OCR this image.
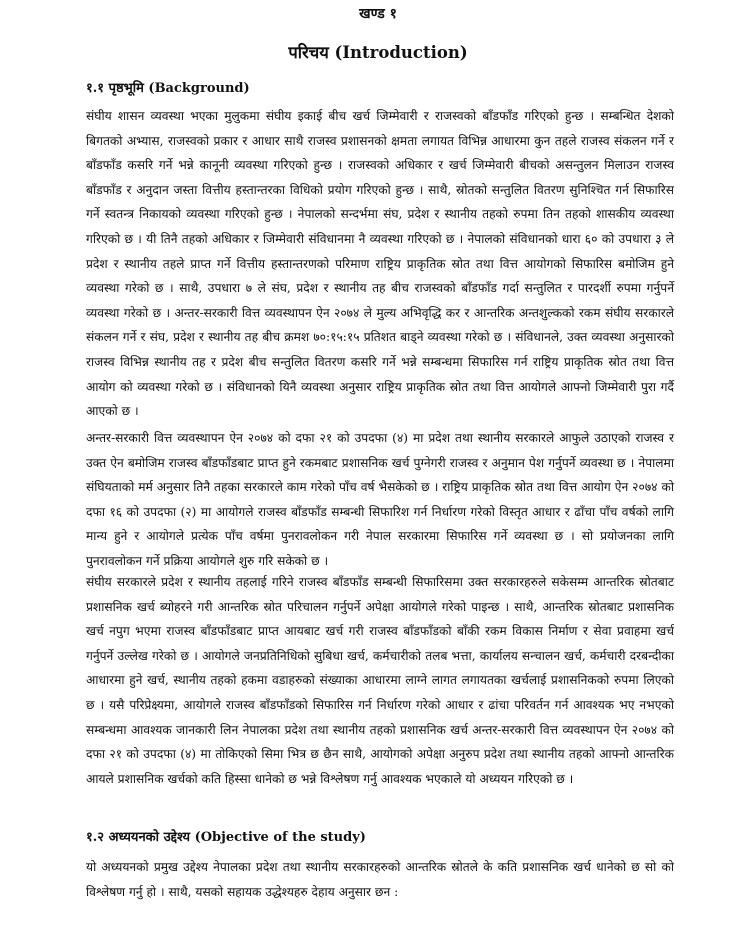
खण्ड १
परिचय (Introduction)
१.१ पृष्ठभूमि (Background)
संघीय शासन व्यवस्था भएका मुलुकमा संघीय इकाई बीच खर्च जिम्मेवारी र राजस्वको बाँडफाँड गरिएको हुन्छ । सम्बन्धित देशको बिगतको अभ्यास, राजस्वको प्रकार र आधार साथै राजस्व प्रशासनको क्षमता लगायत विभिन्न आधारमा कुन तहले राजस्व संकलन गर्ने र बाँडफाँड कसरि गर्ने भन्ने कानूनी व्यवस्था गरिएको हुन्छ । राजस्वको अधिकार र खर्च जिम्मेवारी बीचको असन्तुलन मिलाउन राजस्व बाँडफाँड र अनुदान जस्ता वित्तीय हस्तान्तरका विधिको प्रयोग गरिएको हुन्छ । साथै, स्रोतको सन्तुलित वितरण सुनिश्चित गर्न सिफारिस गर्ने स्वतन्त्र निकायको व्यवस्था गरिएको हुन्छ । नेपालको सन्दर्भमा संघ, प्रदेश र स्थानीय तहको रुपमा तिन तहको शासकीय व्यवस्था गरिएको छ । यी तिनै तहको अधिकार र जिम्मेवारी संविधानमा नै व्यवस्था गरिएको छ । नेपालको संविधानको धारा ६० को उपधारा ३ ले प्रदेश र स्थानीय तहले प्राप्त गर्ने वित्तीय हस्तान्तरणको परिमाण राष्ट्रिय प्राकृतिक स्रोत तथा वित्त आयोगको सिफारिस बमोजिम हुने व्यवस्था गरेको छ । साथै, उपधारा ७ ले संघ, प्रदेश र स्थानीय तह बीच राजस्वको बाँडफाँड गर्दा सन्तुलित र पारदर्शी रुपमा गर्नुपर्ने व्यवस्था गरेको छ । अन्तर-सरकारी वित्त व्यवस्थापन ऐन २०७४ ले मुल्य अभिवृद्धि कर र आन्तरिक अन्तशुल्कको रकम संघीय सरकारले संकलन गर्ने र संघ, प्रदेश र स्थानीय तह बीच क्रमश ७०:१५:१५ प्रतिशत बाड्ने व्यवस्था गरेको छ । संविधानले, उक्त व्यवस्था अनुसारको राजस्व विभिन्न स्थानीय तह र प्रदेश बीच सन्तुलित वितरण कसरि गर्ने भन्ने सम्बन्धमा सिफारिस गर्न राष्ट्रिय प्राकृतिक स्रोत तथा वित्त आयोग को व्यवस्था गरेको छ । संविधानको यिनै व्यवस्था अनुसार राष्ट्रिय प्राकृतिक स्रोत तथा वित्त आयोगले आफ्नो जिम्मेवारी पुरा गर्दै आएको छ ।
अन्तर-सरकारी वित्त व्यवस्थापन ऐन २०७४ को दफा २१ को उपदफा (४) मा प्रदेश तथा स्थानीय सरकारले आफुले उठाएको राजस्व र उक्त ऐन बमोजिम राजस्व बाँडफाँडबाट प्राप्त हुने रकमबाट प्रशासनिक खर्च पुग्नेगरी राजस्व र अनुमान पेश गर्नुपर्ने व्यवस्था छ । नेपालमा संघियताको मर्म अनुसार तिनै तहका सरकारले काम गरेको पाँच वर्ष भैसकेको छ । राष्ट्रिय प्राकृतिक स्रोत तथा वित्त आयोग ऐन २०७४ को दफा १६ को उपदफा (२) मा आयोगले राजस्व बाँडफाँड सम्बन्धी सिफारिश गर्न निर्धारण गरेको विस्तृत आधार र ढाँचा पाँच वर्षको लागि मान्य हुने र आयोगले प्रत्येक पाँच वर्षमा पुनरावलोकन गरी नेपाल सरकारमा सिफारिस गर्ने व्यवस्था छ । सो प्रयोजनका लागि पुनरावलोकन गर्ने प्रक्रिया आयोगले शुरु गरि सकेको छ ।
संघीय सरकारले प्रदेश र स्थानीय तहलाई गरिने राजस्व बाँडफाँड सम्बन्धी सिफारिसमा उक्त सरकारहरुले सकेसम्म आन्तरिक स्रोतबाट प्रशासनिक खर्च ब्योहरने गरी आन्तरिक स्रोत परिचालन गर्नुपर्ने अपेक्षा आयोगले गरेको पाइन्छ । साथै, आन्तरिक स्रोतबाट प्रशासनिक खर्च नपुग भएमा राजस्व बाँडफाँडबाट प्राप्त आयबाट खर्च गरी राजस्व बाँडफाँडको बाँकी रकम विकास निर्माण र सेवा प्रवाहमा खर्च गर्नुपर्ने उल्लेख गरेको छ । आयोगले जनप्रतिनिधिको सुबिधा खर्च, कर्मचारीको तलब भत्ता, कार्यालय सन्चालन खर्च, कर्मचारी दरबन्दीका आधारमा हुने खर्च, स्थानीय तहको हकमा वडाहरुको संख्याका आधारमा लाग्ने लागत लगायतका खर्चलाई प्रशासनिकको रुपमा लिएको छ । यसै परिप्रेक्ष्यमा, आयोगले राजस्व बाँडफाँडको सिफारिस गर्न निर्धारण गरेको आधार र ढांचा परिवर्तन गर्न आवश्यक भए नभएको सम्बन्धमा आवश्यक जानकारी लिन नेपालका प्रदेश तथा स्थानीय तहको प्रशासनिक खर्च अन्तर-सरकारी वित्त व्यवस्थापन ऐन २०७४ को दफा २१ को उपदफा (४) मा तोकिएको सिमा भित्र छ छैन साथै, आयोगको अपेक्षा अनुरुप प्रदेश तथा स्थानीय तहको आफ्नो आन्तरिक आयले प्रशासनिक खर्चको कति हिस्सा धानेको छ भन्ने विश्लेषण गर्नु आवश्यक भएकाले यो अध्ययन गरिएको छ ।
१.२ अध्ययनको उद्देश्य (Objective of the study)
यो अध्ययनको प्रमुख उद्देश्य नेपालका प्रदेश तथा स्थानीय सरकारहरुको आन्तरिक स्रोतले के कति प्रशासनिक खर्च धानेको छ सो को विश्लेषण गर्नु हो । साथै, यसको सहायक उद्धेश्यहरु देहाय अनुसार छन :
